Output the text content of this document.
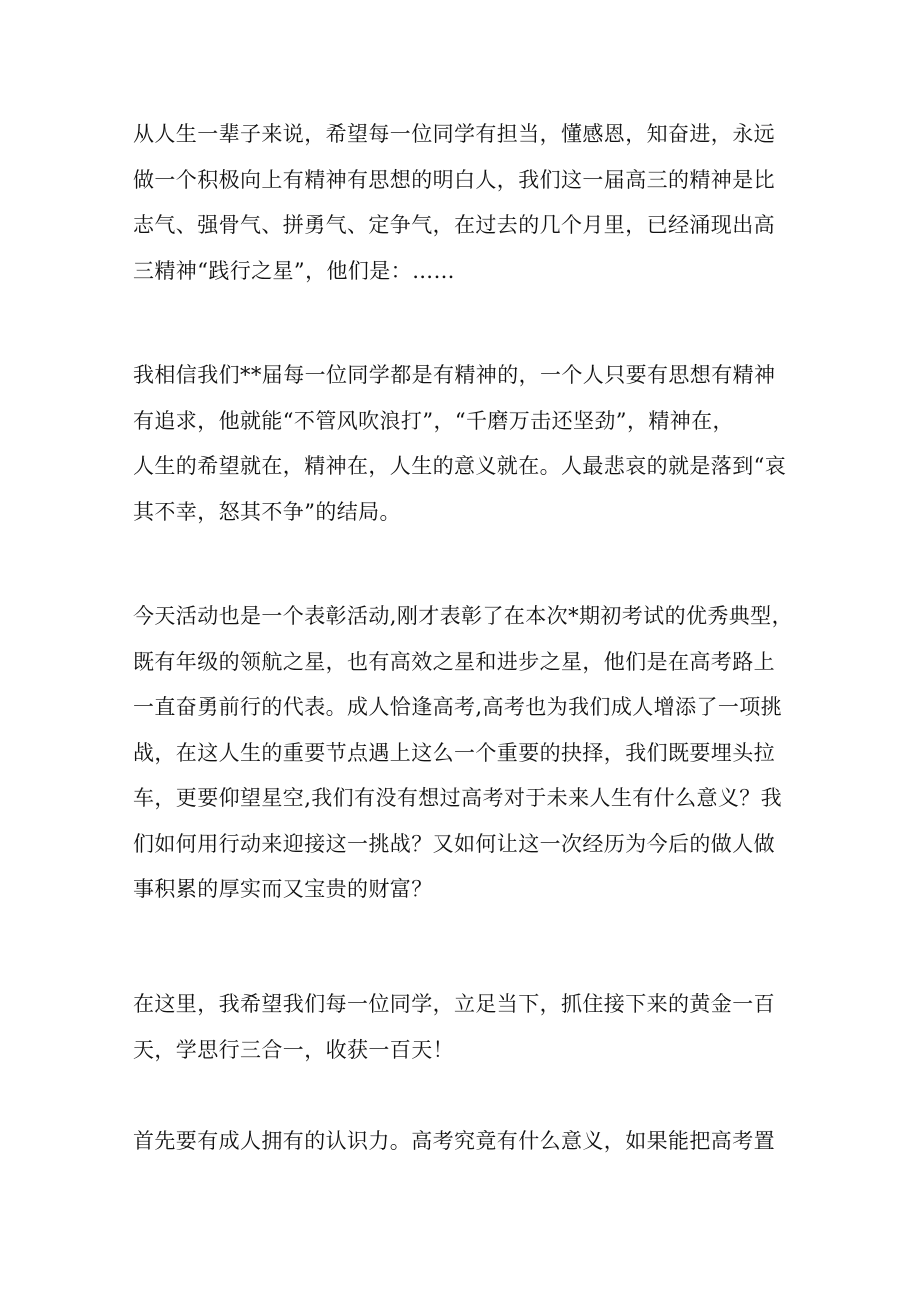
从人生一辈子来说，希望每一位同学有担当，懂感恩，知奋进，永远
做一个积极向上有精神有思想的明白人，我们这一届高三的精神是比
志气、强骨气、拼勇气、定争气，在过去的几个月里，已经涌现出高
三精神“践行之星”，他们是：……

我相信我们**届每一位同学都是有精神的，一个人只要有思想有精神
有追求，他就能“不管风吹浪打”，“千磨万击还坚劲”，精神在，
人生的希望就在，精神在，人生的意义就在。人最悲哀的就是落到“哀
其不幸，怒其不争”的结局。

今天活动也是一个表彰活动,刚才表彰了在本次*期初考试的优秀典型，
既有年级的领航之星，也有高效之星和进步之星，他们是在高考路上
一直奋勇前行的代表。成人恰逢高考,高考也为我们成人增添了一项挑
战，在这人生的重要节点遇上这么一个重要的抉择，我们既要埋头拉
车，更要仰望星空,我们有没有想过高考对于未来人生有什么意义？我
们如何用行动来迎接这一挑战？又如何让这一次经历为今后的做人做
事积累的厚实而又宝贵的财富？

在这里，我希望我们每一位同学，立足当下，抓住接下来的黄金一百
天，学思行三合一，收获一百天！

首先要有成人拥有的认识力。高考究竟有什么意义，如果能把高考置
